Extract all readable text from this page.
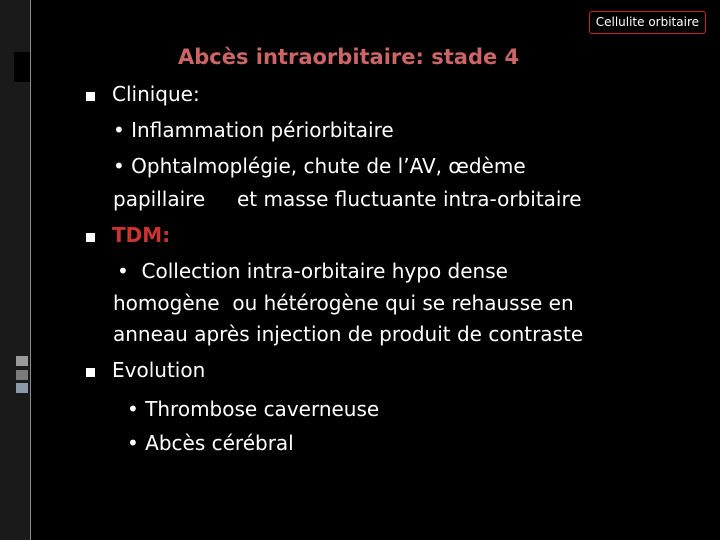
Cellulite orbitaire
Abcès intraorbitaire: stade 4
Clinique:
• Inflammation périorbitaire
• Ophtalmoplégie, chute de l’AV, œdème
papillaire     et masse fluctuante intra-orbitaire
TDM:
•  Collection intra-orbitaire hypo dense
homogène  ou hétérogène qui se rehausse en
anneau après injection de produit de contraste
Evolution
• Thrombose caverneuse
• Abcès cérébral
